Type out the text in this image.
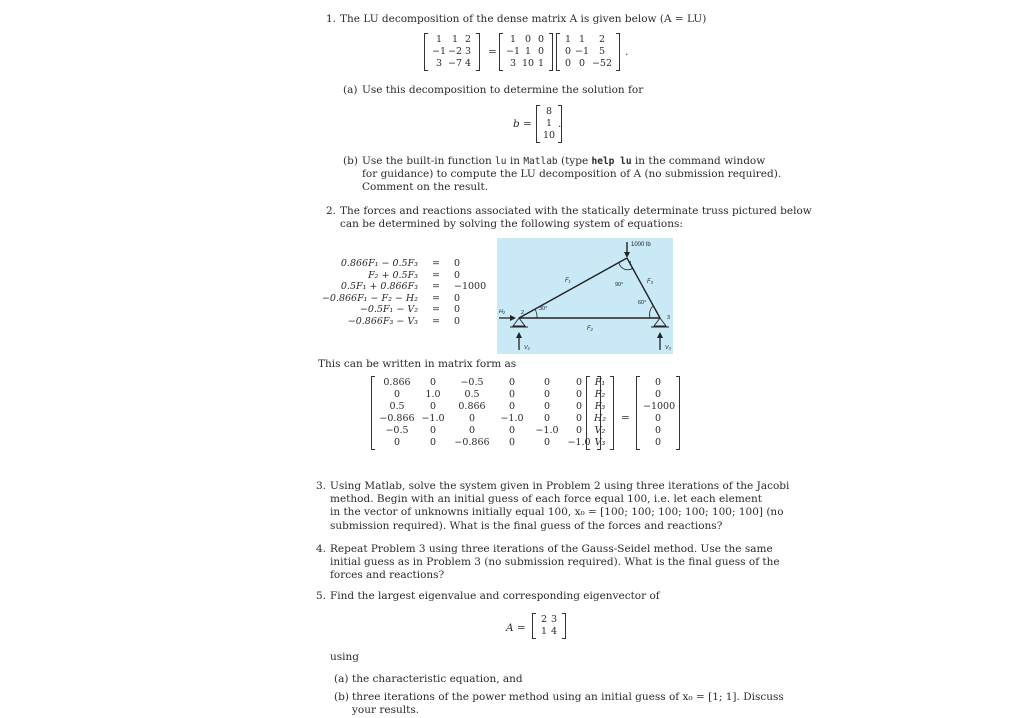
1. The LU decomposition of the dense matrix A is given below (A = LU)
1	1 2
−1 −2 3
3 −7 4
=
1 0 0
−1 1 0
3 10 1
1 1	2
0 −1	5
0 0 −52
.
(a) Use this decomposition to determine the solution for
b =
8
1
10
.
(b) Use the built-in function lu in Matlab (type help lu in the command window
for guidance) to compute the LU decomposition of A (no submission required).
Comment on the result.
2. The forces and reactions associated with the statically determinate truss pictured below
can be determined by solving the following system of equations:
0.866F₁ − 0.5F₃	=	0
F₂ + 0.5F₃	=	0
0.5F₁ + 0.866F₃	=	−1000
−0.866F₁ − F₂ − H₂	=	0
−0.5F₁ − V₂	=	0
−0.866F₃ − V₃	=	0
1000 lb
1
2
3
F₁
F₂
F₃
90°
60°
30°
H₂
V₂	V₃
This can be written in matrix form as
0.866	0	−0.5	0	0	0
0	1.0	0.5	0	0	0
0.5	0	0.866	0	0	0
−0.866 −1.0	0	−1.0	0	0
−0.5	0	0	0	−1.0	0
0	0	−0.866	0	0	−1.0
F₁
F₂
F₃
H₂
V₂
V₃
=
0
0
−1000
0
0
0
3. Using Matlab, solve the system given in Problem 2 using three iterations of the Jacobi
method. Begin with an initial guess of each force equal 100, i.e. let each element
in the vector of unknowns initially equal 100, x₀ = [100; 100; 100; 100; 100; 100] (no
submission required). What is the final guess of the forces and reactions?
4. Repeat Problem 3 using three iterations of the Gauss-Seidel method. Use the same
initial guess as in Problem 3 (no submission required). What is the final guess of the
forces and reactions?
5. Find the largest eigenvalue and corresponding eigenvector of
A =
2 3
1 4
using
(a) the characteristic equation, and
(b) three iterations of the power method using an initial guess of x₀ = [1; 1]. Discuss
your results.
